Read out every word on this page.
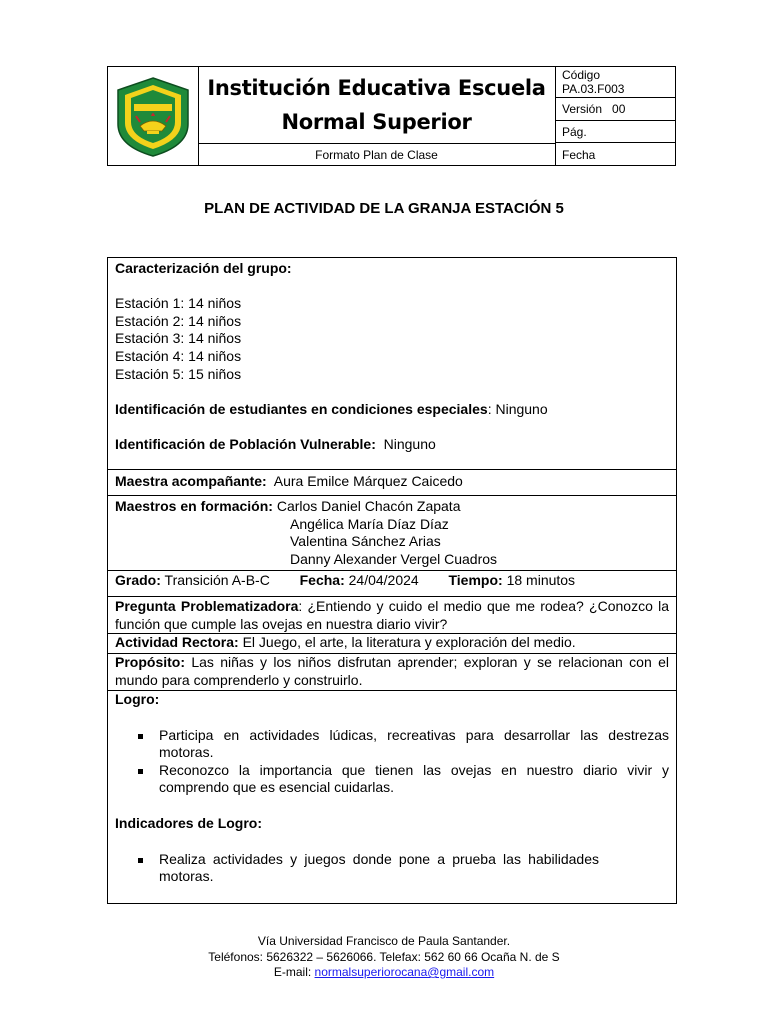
Institución Educativa Escuela
Normal Superior
Formato Plan de Clase
Código
PA.03.F003
Versión 00
Pág.
Fecha
PLAN DE ACTIVIDAD DE LA GRANJA ESTACIÓN 5
Caracterización del grupo:
Estación 1: 14 niños
Estación 2: 14 niños
Estación 3: 14 niños
Estación 4: 14 niños
Estación 5: 15 niños
Identificación de estudiantes en condiciones especiales: Ninguno
Identificación de Población Vulnerable: Ninguno
Maestra acompañante: Aura Emilce Márquez Caicedo
Maestros en formación: Carlos Daniel Chacón Zapata
Angélica María Díaz Díaz
Valentina Sánchez Arias
Danny Alexander Vergel Cuadros
Grado: Transición A-B-C Fecha: 24/04/2024 Tiempo: 18 minutos
Pregunta Problematizadora: ¿Entiendo y cuido el medio que me rodea? ¿Conozco la función que cumple las ovejas en nuestra diario vivir?
Actividad Rectora: El Juego, el arte, la literatura y exploración del medio.
Propósito: Las niñas y los niños disfrutan aprender; exploran y se relacionan con el mundo para comprenderlo y construirlo.
Logro:
Participa en actividades lúdicas, recreativas para desarrollar las destrezas motoras.
Reconozco la importancia que tienen las ovejas en nuestro diario vivir y comprendo que es esencial cuidarlas.
Indicadores de Logro:
Realiza actividades y juegos donde pone a prueba las habilidades motoras.
Vía Universidad Francisco de Paula Santander.
Teléfonos: 5626322 – 5626066. Telefax: 562 60 66 Ocaña N. de S
E-mail: normalsuperiorocana@gmail.com
